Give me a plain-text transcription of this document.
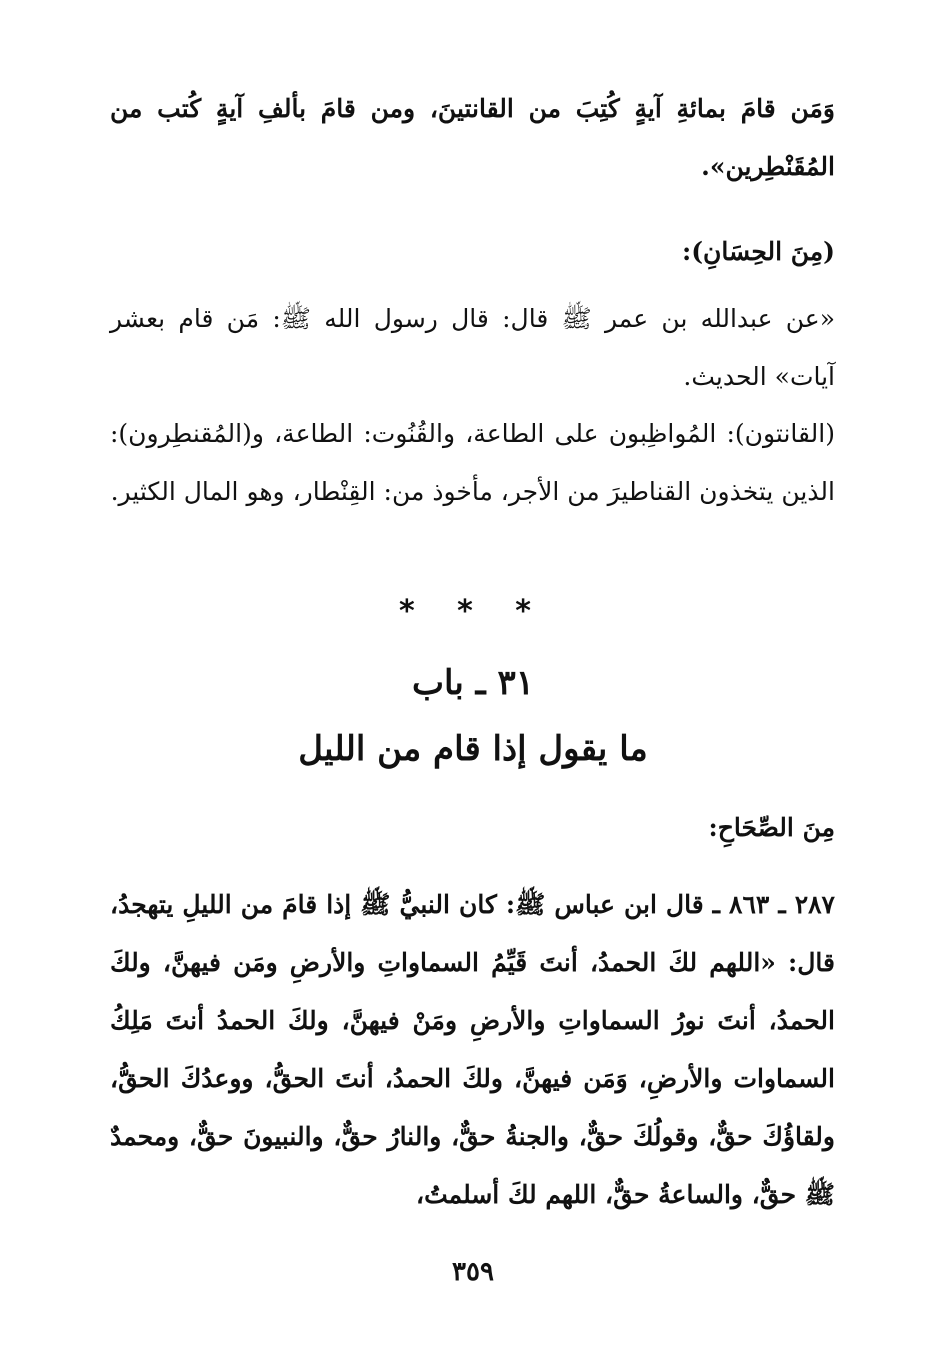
وَمَن قامَ بمائةِ آيةٍ كُتِبَ من القانتينَ، ومن قامَ بألفِ آيةٍ كُتب من المُقَنْطِرين».

(مِنَ الحِسَانِ):

«عن عبدالله بن عمر ﷺ قال: قال رسول الله ﷺ: مَن قام بعشر آيات» الحديث.

(القانتون): المُواظِبون على الطاعة، والقُنُوت: الطاعة، و(المُقنطِرون): الذين يتخذون القناطيرَ من الأجر، مأخوذ من: القِنْطار، وهو المال الكثير.

* * *
٣١ ـ باب
ما يقول إذا قام من الليل
مِنَ الصِّحَاحِ:

٢٨٧ ـ ٨٦٣ ـ قال ابن عباس ﷺ: كان النبيُّ ﷺ إذا قامَ من الليلِ يتهجدُ، قال: «اللهم لكَ الحمدُ، أنتَ قَيِّمُ السماواتِ والأرضِ ومَن فيهنَّ، ولكَ الحمدُ، أنتَ نورُ السماواتِ والأرضِ ومَنْ فيهنَّ، ولكَ الحمدُ أنتَ مَلِكُ السماوات والأرضِ، وَمَن فيهنَّ، ولكَ الحمدُ، أنتَ الحقُّ، ووعدُكَ الحقُّ، ولقاؤُكَ حقٌّ، وقولُكَ حقٌّ، والجنةُ حقٌّ، والنارُ حقٌّ، والنبيونَ حقٌّ، ومحمدٌ ﷺ حقٌّ، والساعةُ حقٌّ، اللهم لكَ أسلمتُ،

٣٥٩
